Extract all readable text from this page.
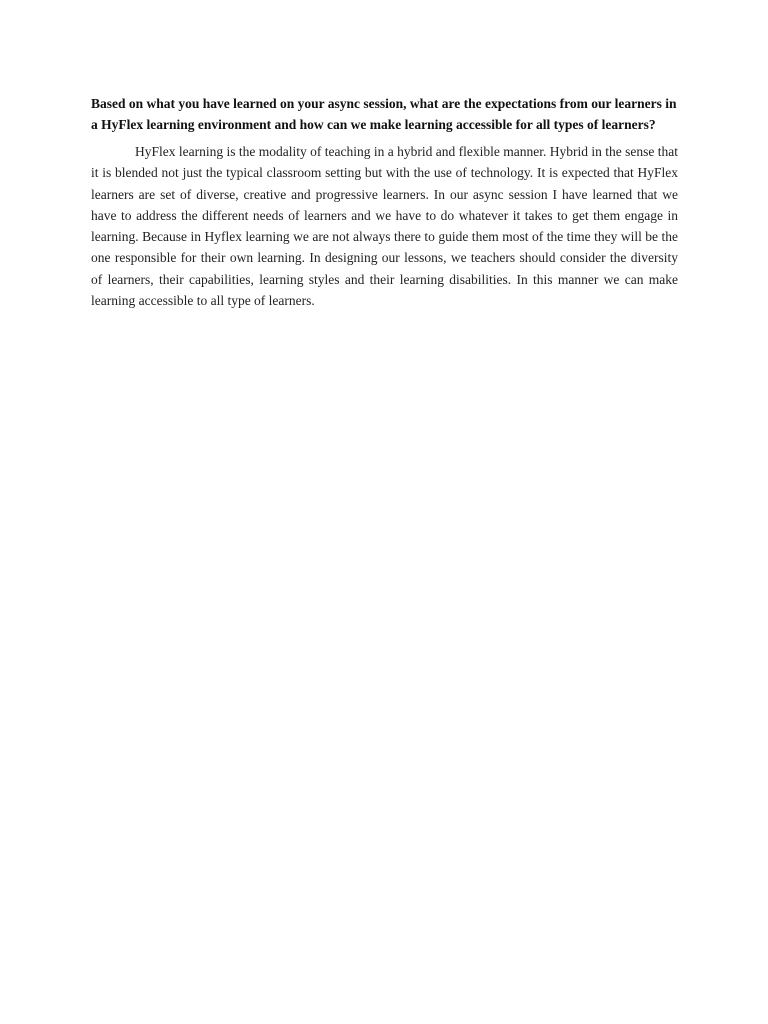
Based on what you have learned on your async session, what are the expectations from our learners in a HyFlex learning environment and how can we make learning accessible for all types of learners?

HyFlex learning is the modality of teaching in a hybrid and flexible manner. Hybrid in the sense that it is blended not just the typical classroom setting but with the use of technology. It is expected that HyFlex learners are set of diverse, creative and progressive learners. In our async session I have learned that we have to address the different needs of learners and we have to do whatever it takes to get them engage in learning. Because in Hyflex learning we are not always there to guide them most of the time they will be the one responsible for their own learning. In designing our lessons, we teachers should consider the diversity of learners, their capabilities, learning styles and their learning disabilities. In this manner we can make learning accessible to all type of learners.
